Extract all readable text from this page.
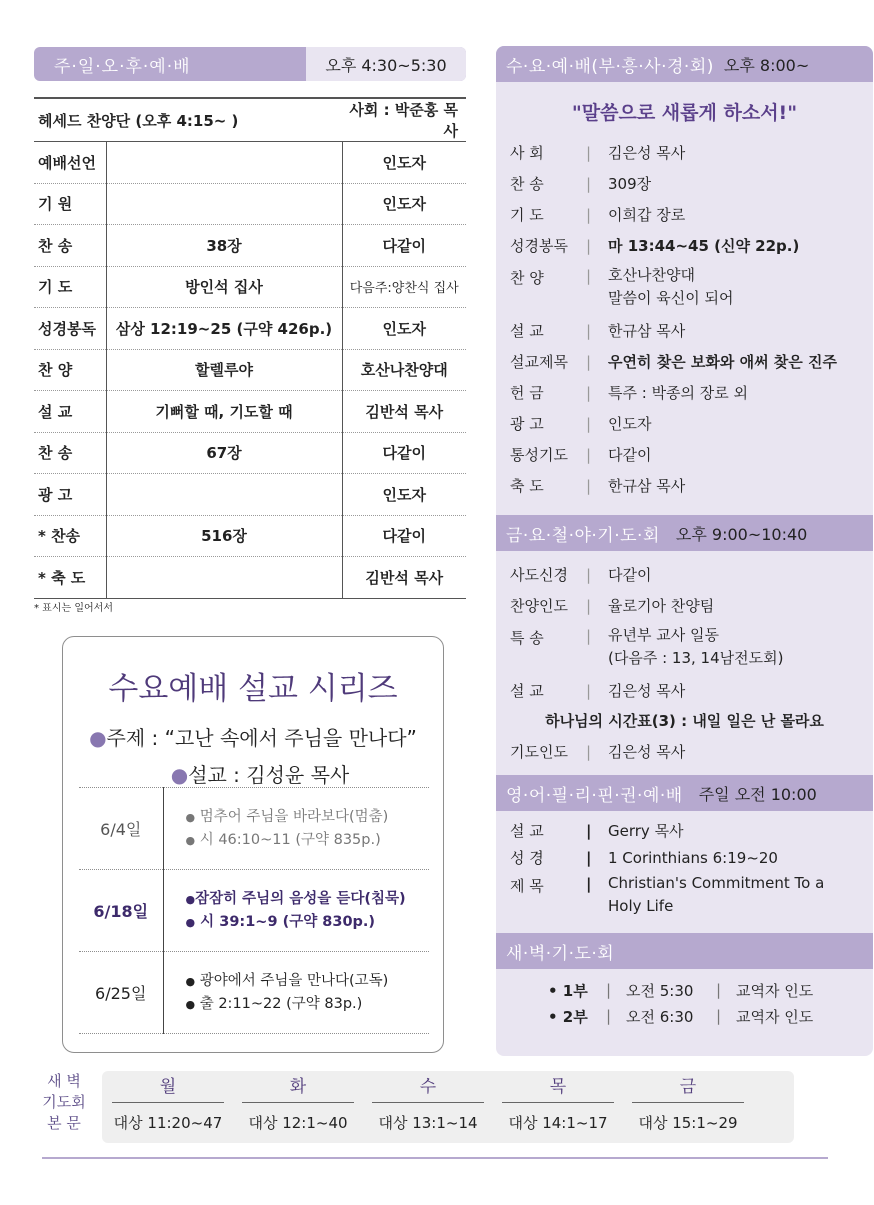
주·일·오·후·예·배	오후 4:30~5:30
헤세드 찬양단 (오후 4:15~ )		사회 : 박준홍 목사
예배선언		인도자
기 원		인도자
찬 송	38장	다같이
기 도	방인석 집사	다음주:양찬식 집사
성경봉독	삼상 12:19~25 (구약 426p.)	인도자
찬 양	할렐루야	호산나찬양대
설 교	기뻐할 때, 기도할 때	김반석 목사
찬 송	67장	다같이
광 고		인도자
* 찬송	516장	다같이
* 축 도		김반석 목사
* 표시는 일어서서
수요예배 설교 시리즈
●주제 : “고난 속에서 주님을 만나다”
●설교 : 김성윤 목사
6/4일	● 멈추어 주님을 바라보다(멈춤)
● 시 46:10~11 (구약 835p.)
6/18일	●잠잠히 주님의 음성을 듣다(침묵)
● 시 39:1~9 (구약 830p.)
6/25일	● 광야에서 주님을 만나다(고독)
● 출 2:11~22 (구약 83p.)
수·요·예·배(부·흥·사·경·회) 오후 8:00~
"말씀으로 새롭게 하소서!"
사 회	|	김은성 목사
찬 송	|	309장
기 도	|	이희갑 장로
성경봉독	|	마 13:44~45 (신약 22p.)
찬 양	|	호산나찬양대
말씀이 육신이 되어
설 교	|	한규삼 목사
설교제목	|	우연히 찾은 보화와 애써 찾은 진주
헌 금	|	특주 : 박종의 장로 외
광 고	|	인도자
통성기도	|	다같이
축 도	|	한규삼 목사
금·요·철·야·기·도·회 오후 9:00~10:40
사도신경	|	다같이
찬양인도	|	율로기아 찬양팀
특 송	|	유년부 교사 일동
(다음주 : 13, 14남전도회)
설 교	|	김은성 목사
하나님의 시간표(3) : 내일 일은 난 몰라요
기도인도	|	김은성 목사
영·어·필·리·핀·권·예·배 주일 오전 10:00
설 교	|	Gerry 목사
성 경	|	1 Corinthians 6:19~20
제 목	|	Christian's Commitment To a
Holy Life
새·벽·기·도·회
• 1부	| 오전 5:30	| 교역자 인도
• 2부	| 오전 6:30	| 교역자 인도
새 벽
기도회
본 문
월
대상 11:20~47
화
대상 12:1~40
수
대상 13:1~14
목
대상 14:1~17
금
대상 15:1~29
